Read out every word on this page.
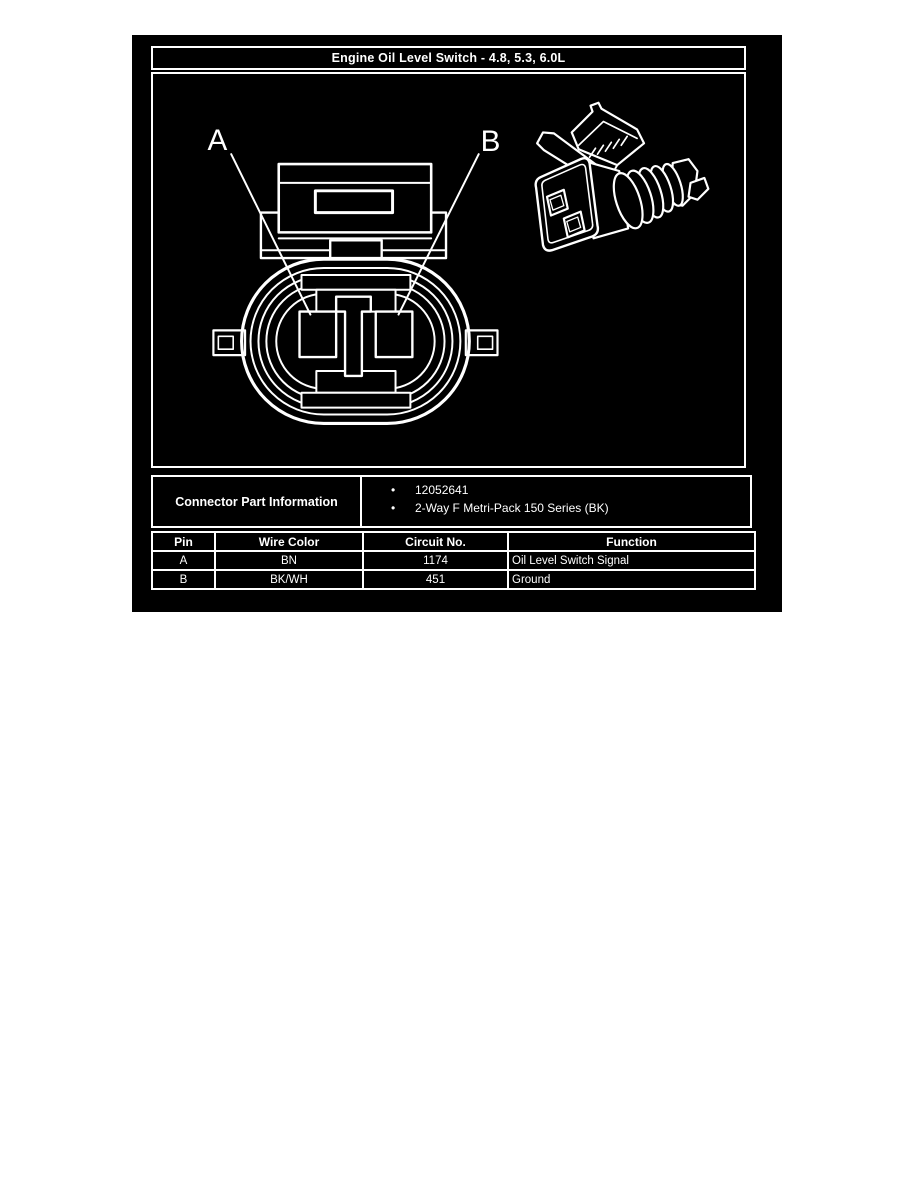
Engine Oil Level Switch - 4.8, 5.3, 6.0L
A	B
Connector Part Information	
•	12052641
•	2-Way F Metri-Pack 150 Series (BK)
Pin	Wire Color	Circuit No.	Function
A	BN	1174	Oil Level Switch Signal
B	BK/WH	451	Ground
